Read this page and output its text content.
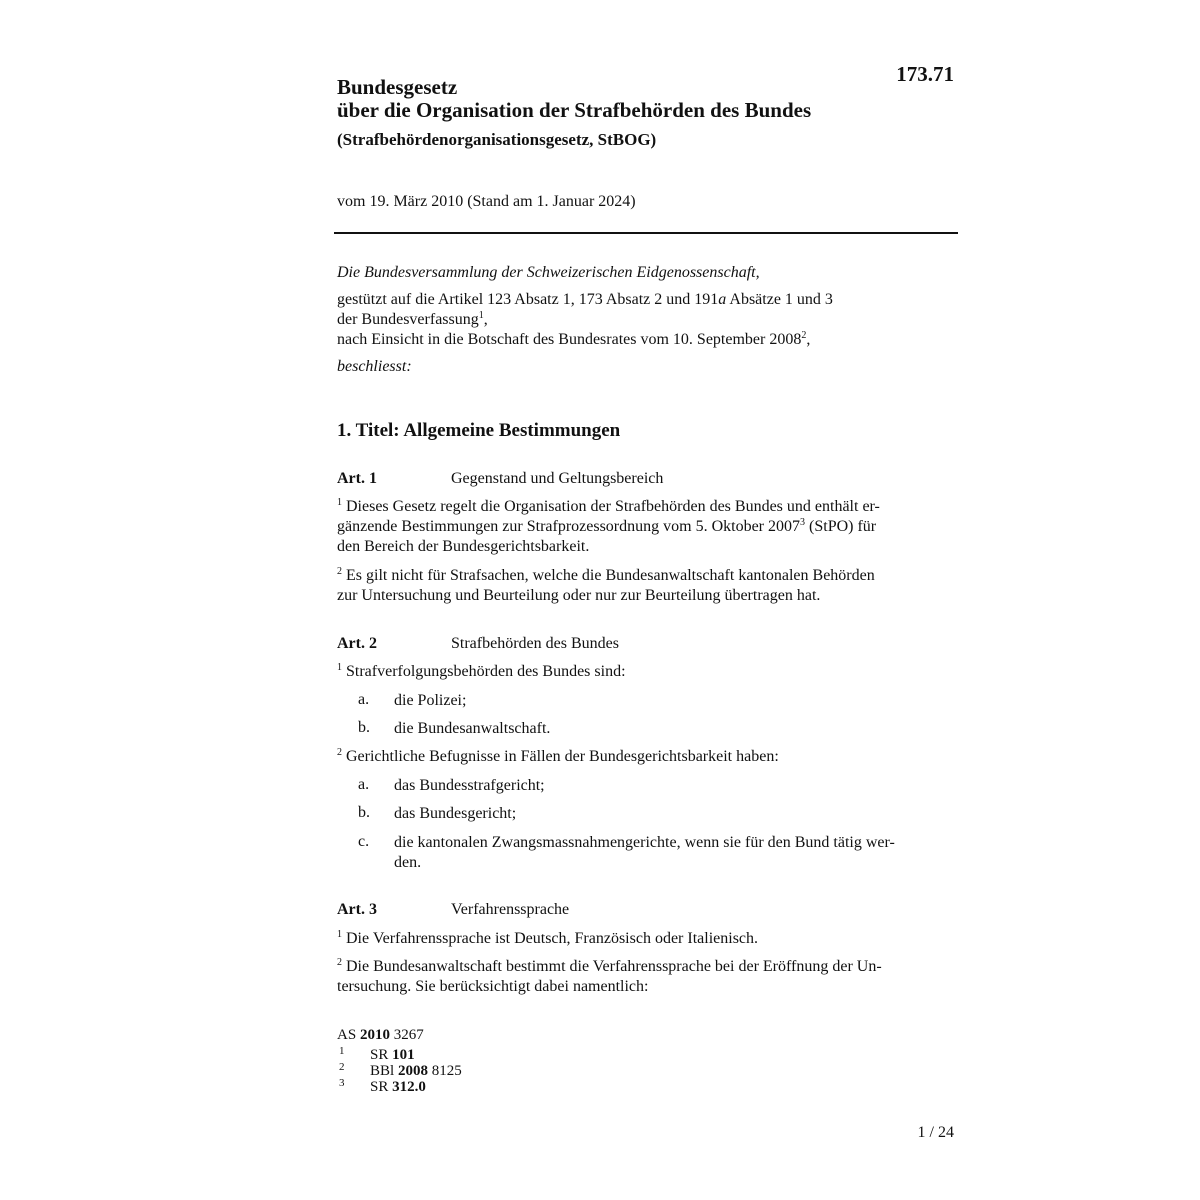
173.71
Bundesgesetz
über die Organisation der Strafbehörden des Bundes
(Strafbehördenorganisationsgesetz, StBOG)
vom 19. März 2010 (Stand am 1. Januar 2024)
Die Bundesversammlung der Schweizerischen Eidgenossenschaft,
gestützt auf die Artikel 123 Absatz 1, 173 Absatz 2 und 191a Absätze 1 und 3
der Bundesverfassung$^1$,
nach Einsicht in die Botschaft des Bundesrates vom 10. September 2008$^2$,
beschliesst:
1. Titel: Allgemeine Bestimmungen
Art. 1	Gegenstand und Geltungsbereich
$^1$ Dieses Gesetz regelt die Organisation der Strafbehörden des Bundes und enthält er-
gänzende Bestimmungen zur Strafprozessordnung vom 5. Oktober 2007$^3$ (StPO) für
den Bereich der Bundesgerichtsbarkeit.
$^2$ Es gilt nicht für Strafsachen, welche die Bundesanwaltschaft kantonalen Behörden
zur Untersuchung und Beurteilung oder nur zur Beurteilung übertragen hat.
Art. 2	Strafbehörden des Bundes
$^1$ Strafverfolgungsbehörden des Bundes sind:
a. die Polizei;
b. die Bundesanwaltschaft.
$^2$ Gerichtliche Befugnisse in Fällen der Bundesgerichtsbarkeit haben:
a. das Bundesstrafgericht;
b. das Bundesgericht;
c. die kantonalen Zwangsmassnahmengerichte, wenn sie für den Bund tätig wer-
den.
Art. 3	Verfahrenssprache
$^1$ Die Verfahrenssprache ist Deutsch, Französisch oder Italienisch.
$^2$ Die Bundesanwaltschaft bestimmt die Verfahrenssprache bei der Eröffnung der Un-
tersuchung. Sie berücksichtigt dabei namentlich:
AS 2010 3267
1 SR 101
2 BBl 2008 8125
3 SR 312.0
1 / 24
